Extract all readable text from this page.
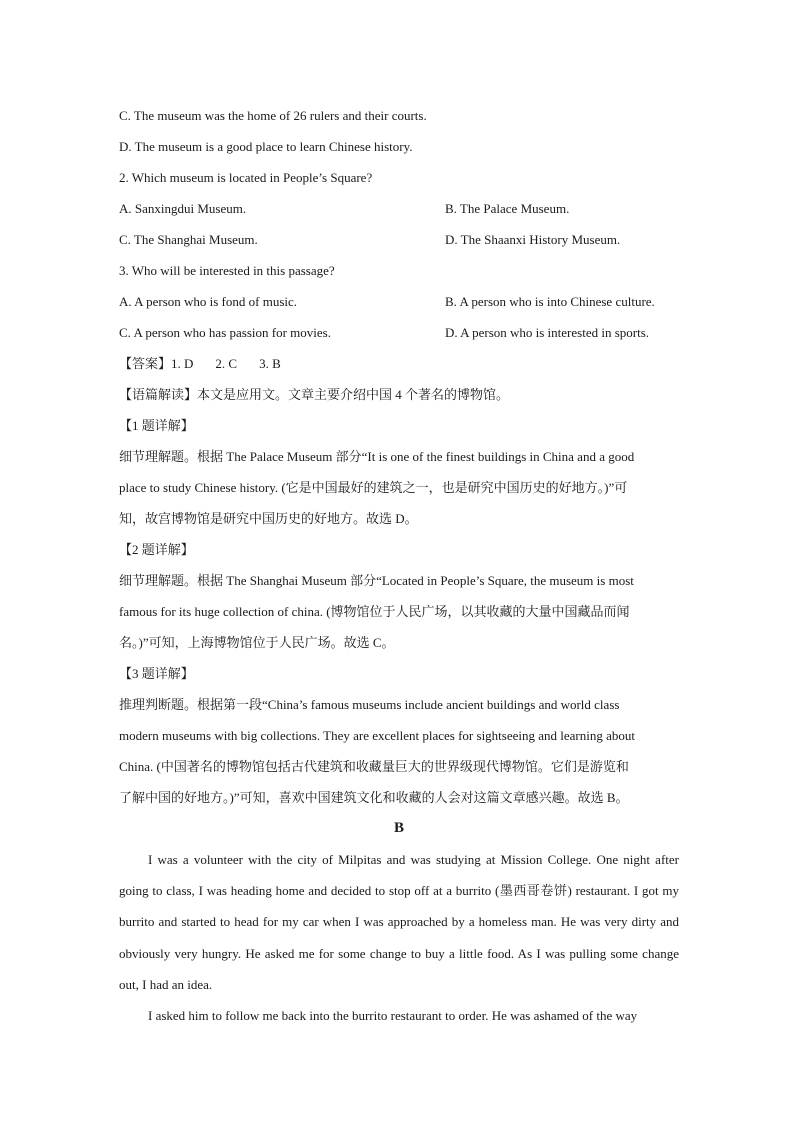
C. The museum was the home of 26 rulers and their courts.
D. The museum is a good place to learn Chinese history.
2. Which museum is located in People’s Square?
A. Sanxingdui Museum.	B. The Palace Museum.
C. The Shanghai Museum.	D. The Shaanxi History Museum.
3. Who will be interested in this passage?
A. A person who is fond of music.	B. A person who is into Chinese culture.
C. A person who has passion for movies.	D. A person who is interested in sports.
【答案】1. D 2. C 3. B
【语篇解读】本文是应用文。文章主要介绍中国 4 个著名的博物馆。
【1 题详解】
细节理解题。根据 The Palace Museum 部分“It is one of the finest buildings in China and a good
place to study Chinese history. (它是中国最好的建筑之一，也是研究中国历史的好地方。)”可
知，故宫博物馆是研究中国历史的好地方。故选 D。
【2 题详解】
细节理解题。根据 The Shanghai Museum 部分“Located in People’s Square, the museum is most
famous for its huge collection of china. (博物馆位于人民广场，以其收藏的大量中国藏品而闻
名。)”可知，上海博物馆位于人民广场。故选 C。
【3 题详解】
推理判断题。根据第一段“China’s famous museums include ancient buildings and world class
modern museums with big collections. They are excellent places for sightseeing and learning about
China. (中国著名的博物馆包括古代建筑和收藏量巨大的世界级现代博物馆。它们是游览和
了解中国的好地方。)”可知，喜欢中国建筑文化和收藏的人会对这篇文章感兴趣。故选 B。
B

I was a volunteer with the city of Milpitas and was studying at Mission College. One night after going to class, I was heading home and decided to stop off at a burrito (墨西哥卷饼) restaurant. I got my burrito and started to head for my car when I was approached by a homeless man. He was very dirty and obviously very hungry. He asked me for some change to buy a little food. As I was pulling some change out, I had an idea.

I asked him to follow me back into the burrito restaurant to order. He was ashamed of the way
